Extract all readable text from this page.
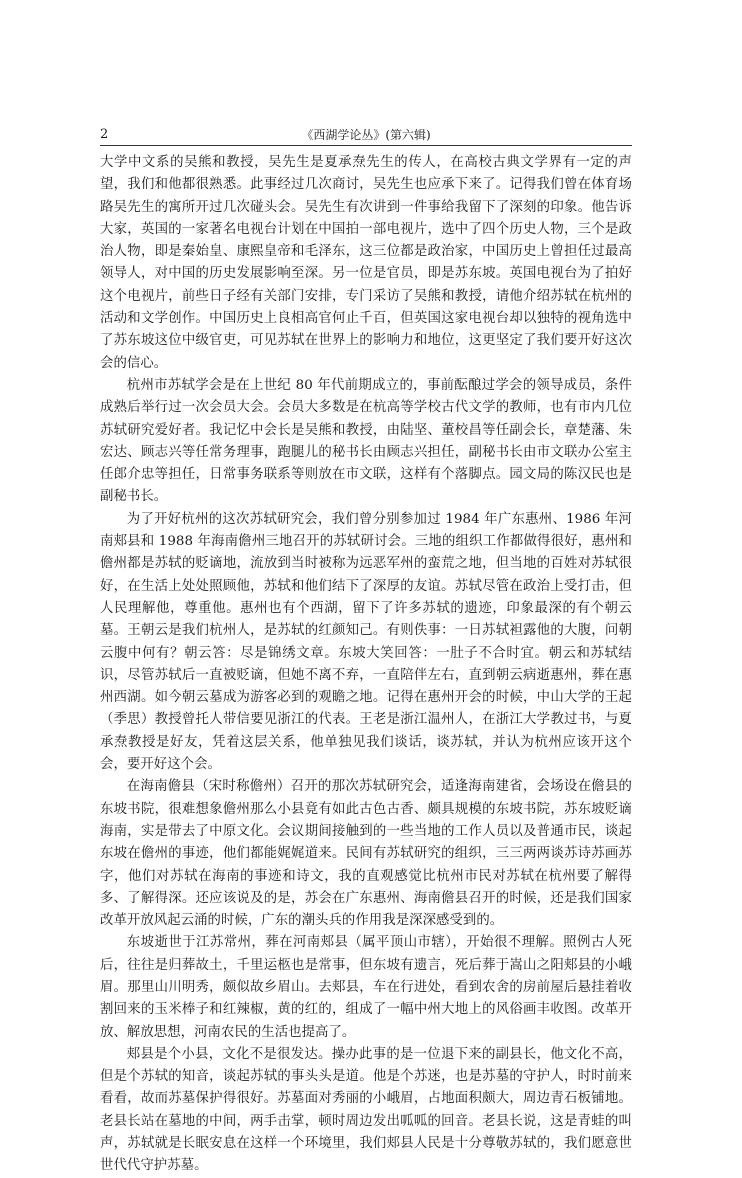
2	《西湖学论丛》(第六辑)

大学中文系的吴熊和教授，吴先生是夏承焘先生的传人，在高校古典文学界有一定的声望，我们和他都很熟悉。此事经过几次商讨，吴先生也应承下来了。记得我们曾在体育场路吴先生的寓所开过几次碰头会。吴先生有次讲到一件事给我留下了深刻的印象。他告诉大家，英国的一家著名电视台计划在中国拍一部电视片，选中了四个历史人物，三个是政治人物，即是秦始皇、康熙皇帝和毛泽东，这三位都是政治家，中国历史上曾担任过最高领导人，对中国的历史发展影响至深。另一位是官员，即是苏东坡。英国电视台为了拍好这个电视片，前些日子经有关部门安排，专门采访了吴熊和教授，请他介绍苏轼在杭州的活动和文学创作。中国历史上良相高官何止千百，但英国这家电视台却以独特的视角选中了苏东坡这位中级官吏，可见苏轼在世界上的影响力和地位，这更坚定了我们要开好这次会的信心。

杭州市苏轼学会是在上世纪 80 年代前期成立的，事前酝酿过学会的领导成员，条件成熟后举行过一次会员大会。会员大多数是在杭高等学校古代文学的教师，也有市内几位苏轼研究爱好者。我记忆中会长是吴熊和教授，由陆坚、董校昌等任副会长，章楚藩、朱宏达、顾志兴等任常务理事，跑腿儿的秘书长由顾志兴担任，副秘书长由市文联办公室主任郎介忠等担任，日常事务联系等则放在市文联，这样有个落脚点。园文局的陈汉民也是副秘书长。

为了开好杭州的这次苏轼研究会，我们曾分别参加过 1984 年广东惠州、1986 年河南郏县和 1988 年海南儋州三地召开的苏轼研讨会。三地的组织工作都做得很好，惠州和儋州都是苏轼的贬谪地，流放到当时被称为远恶军州的蛮荒之地，但当地的百姓对苏轼很好，在生活上处处照顾他，苏轼和他们结下了深厚的友谊。苏轼尽管在政治上受打击，但人民理解他，尊重他。惠州也有个西湖，留下了许多苏轼的遗迹，印象最深的有个朝云墓。王朝云是我们杭州人，是苏轼的红颜知己。有则佚事：一日苏轼袒露他的大腹，问朝云腹中何有？朝云答：尽是锦绣文章。东坡大笑回答：一肚子不合时宜。朝云和苏轼结识，尽管苏轼后一直被贬谪，但她不离不弃，一直陪伴左右，直到朝云病逝惠州，葬在惠州西湖。如今朝云墓成为游客必到的观瞻之地。记得在惠州开会的时候，中山大学的王起（季思）教授曾托人带信要见浙江的代表。王老是浙江温州人，在浙江大学教过书，与夏承焘教授是好友，凭着这层关系，他单独见我们谈话，谈苏轼，并认为杭州应该开这个会，要开好这个会。

在海南儋县（宋时称儋州）召开的那次苏轼研究会，适逢海南建省，会场设在儋县的东坡书院，很难想象儋州那么小县竟有如此古色古香、颇具规模的东坡书院，苏东坡贬谪海南，实是带去了中原文化。会议期间接触到的一些当地的工作人员以及普通市民，谈起东坡在儋州的事迹，他们都能娓娓道来。民间有苏轼研究的组织，三三两两谈苏诗苏画苏字，他们对苏轼在海南的事迹和诗文，我的直观感觉比杭州市民对苏轼在杭州要了解得多、了解得深。还应该说及的是，苏会在广东惠州、海南儋县召开的时候，还是我们国家改革开放风起云涌的时候，广东的潮头兵的作用我是深深感受到的。

东坡逝世于江苏常州，葬在河南郏县（属平顶山市辖），开始很不理解。照例古人死后，往往是归葬故土，千里运柩也是常事，但东坡有遗言，死后葬于嵩山之阳郏县的小峨眉。那里山川明秀，颇似故乡眉山。去郏县，车在行进处，看到农舍的房前屋后悬挂着收割回来的玉米棒子和红辣椒，黄的红的，组成了一幅中州大地上的风俗画丰收图。改革开放、解放思想，河南农民的生活也提高了。

郏县是个小县，文化不是很发达。操办此事的是一位退下来的副县长，他文化不高，但是个苏轼的知音，谈起苏轼的事头头是道。他是个苏迷，也是苏墓的守护人，时时前来看看，故而苏墓保护得很好。苏墓面对秀丽的小峨眉，占地面积颇大，周边青石板铺地。老县长站在墓地的中间，两手击掌，顿时周边发出呱呱的回音。老县长说，这是青蛙的叫声，苏轼就是长眠安息在这样一个环境里，我们郏县人民是十分尊敬苏轼的，我们愿意世世代代守护苏墓。
